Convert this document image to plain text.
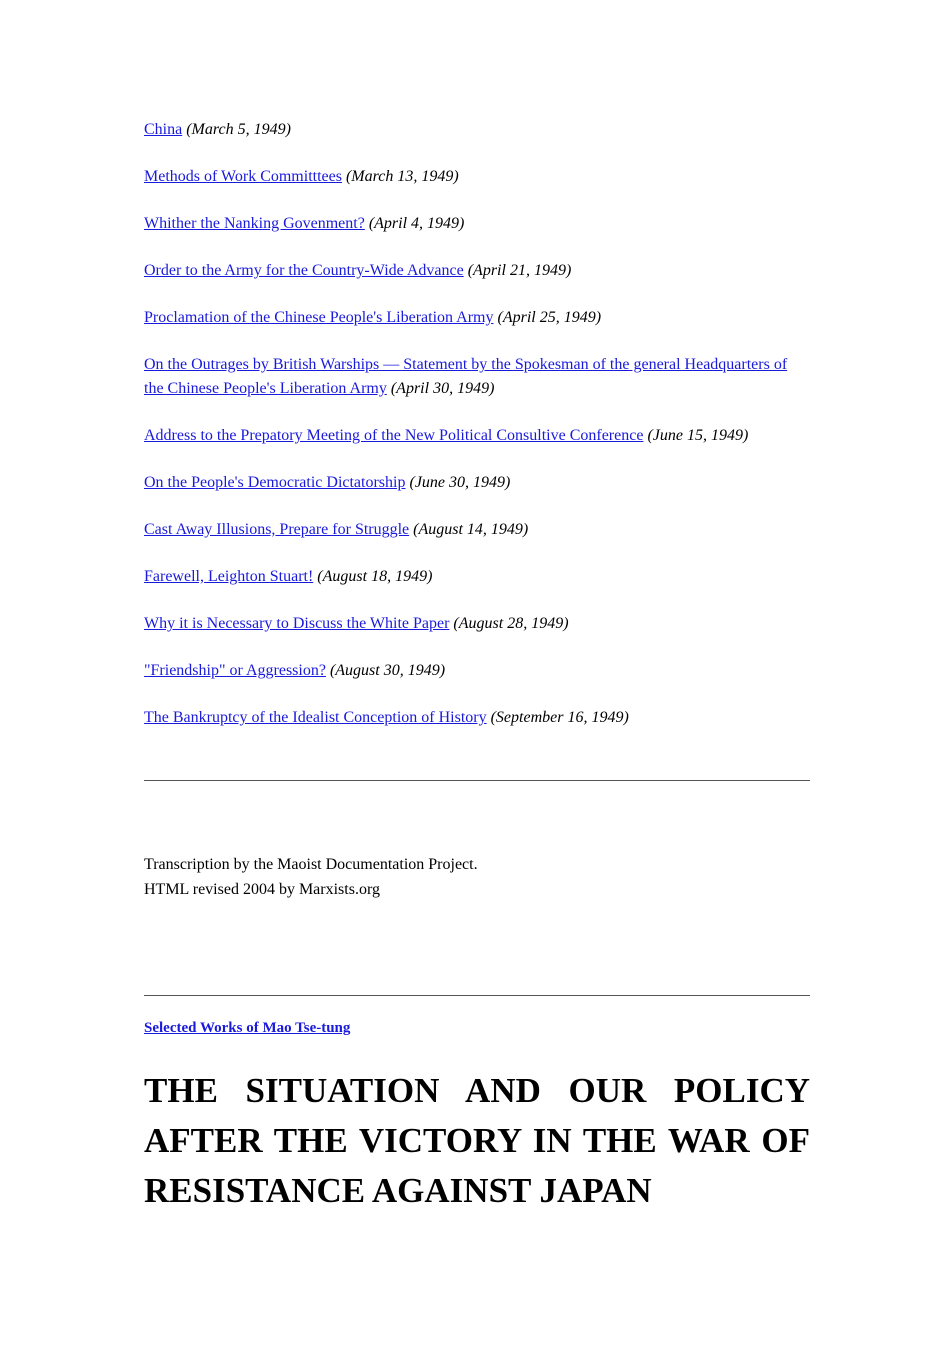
China (March 5, 1949)
Methods of Work Committtees (March 13, 1949)
Whither the Nanking Govenment? (April 4, 1949)
Order to the Army for the Country-Wide Advance (April 21, 1949)
Proclamation of the Chinese People's Liberation Army (April 25, 1949)
On the Outrages by British Warships — Statement by the Spokesman of the general Headquarters of the Chinese People's Liberation Army (April 30, 1949)
Address to the Prepatory Meeting of the New Political Consultive Conference (June 15, 1949)
On the People's Democratic Dictatorship (June 30, 1949)
Cast Away Illusions, Prepare for Struggle (August 14, 1949)
Farewell, Leighton Stuart! (August 18, 1949)
Why it is Necessary to Discuss the White Paper (August 28, 1949)
"Friendship" or Aggression? (August 30, 1949)
The Bankruptcy of the Idealist Conception of History (September 16, 1949)
Transcription by the Maoist Documentation Project.
HTML revised 2004 by Marxists.org
Selected Works of Mao Tse-tung
THE SITUATION AND OUR POLICY AFTER THE VICTORY IN THE WAR OF RESISTANCE AGAINST JAPAN
